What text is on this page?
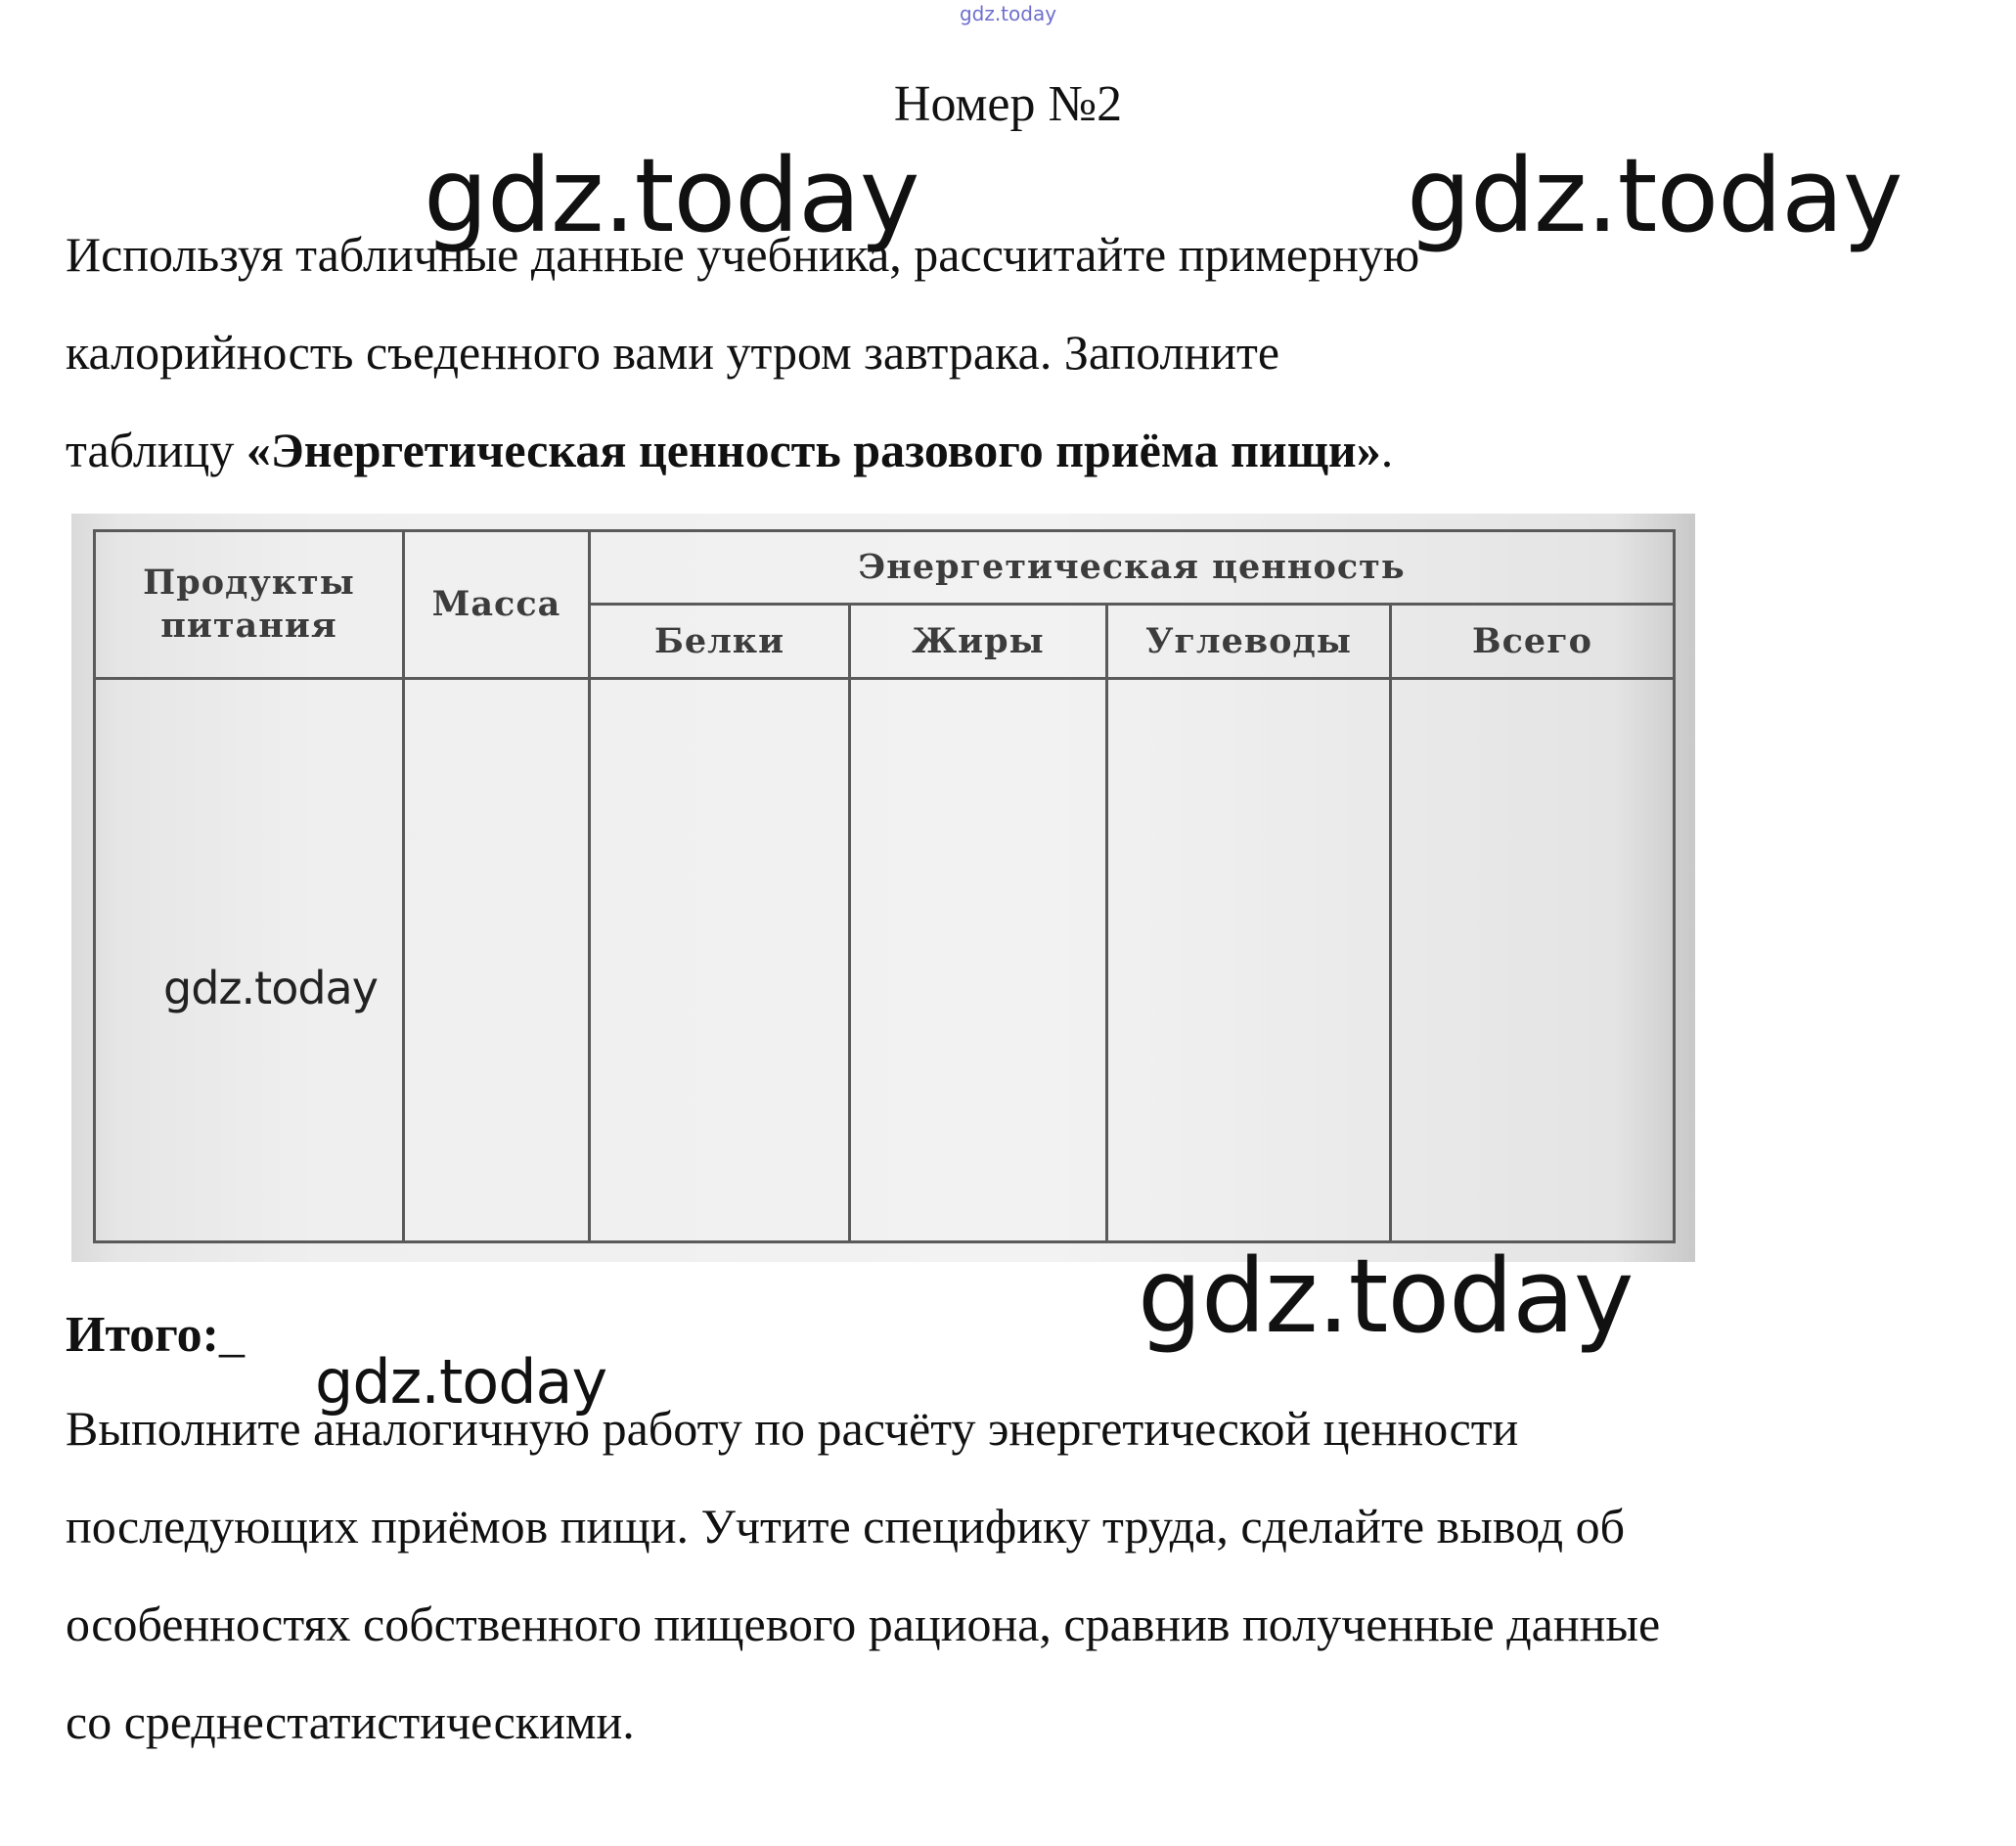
gdz.today
Номер №2
gdz.today	gdz.today

Используя табличные данные учебника, рассчитайте примерную

калорийность съеденного вами утром завтрака. Заполните

таблицу «Энергетическая ценность разового приёма пищи».

Продукты питания	Масса	Энергетическая ценность			
		Белки	Жиры	Углеводы	Всего

gdz.today
gdz.today

Итого:_

gdz.today

Выполните аналогичную работу по расчёту энергетической ценности

последующих приёмов пищи. Учтите специфику труда, сделайте вывод об

особенностях собственного пищевого рациона, сравнив полученные данные

со среднестатистическими.
